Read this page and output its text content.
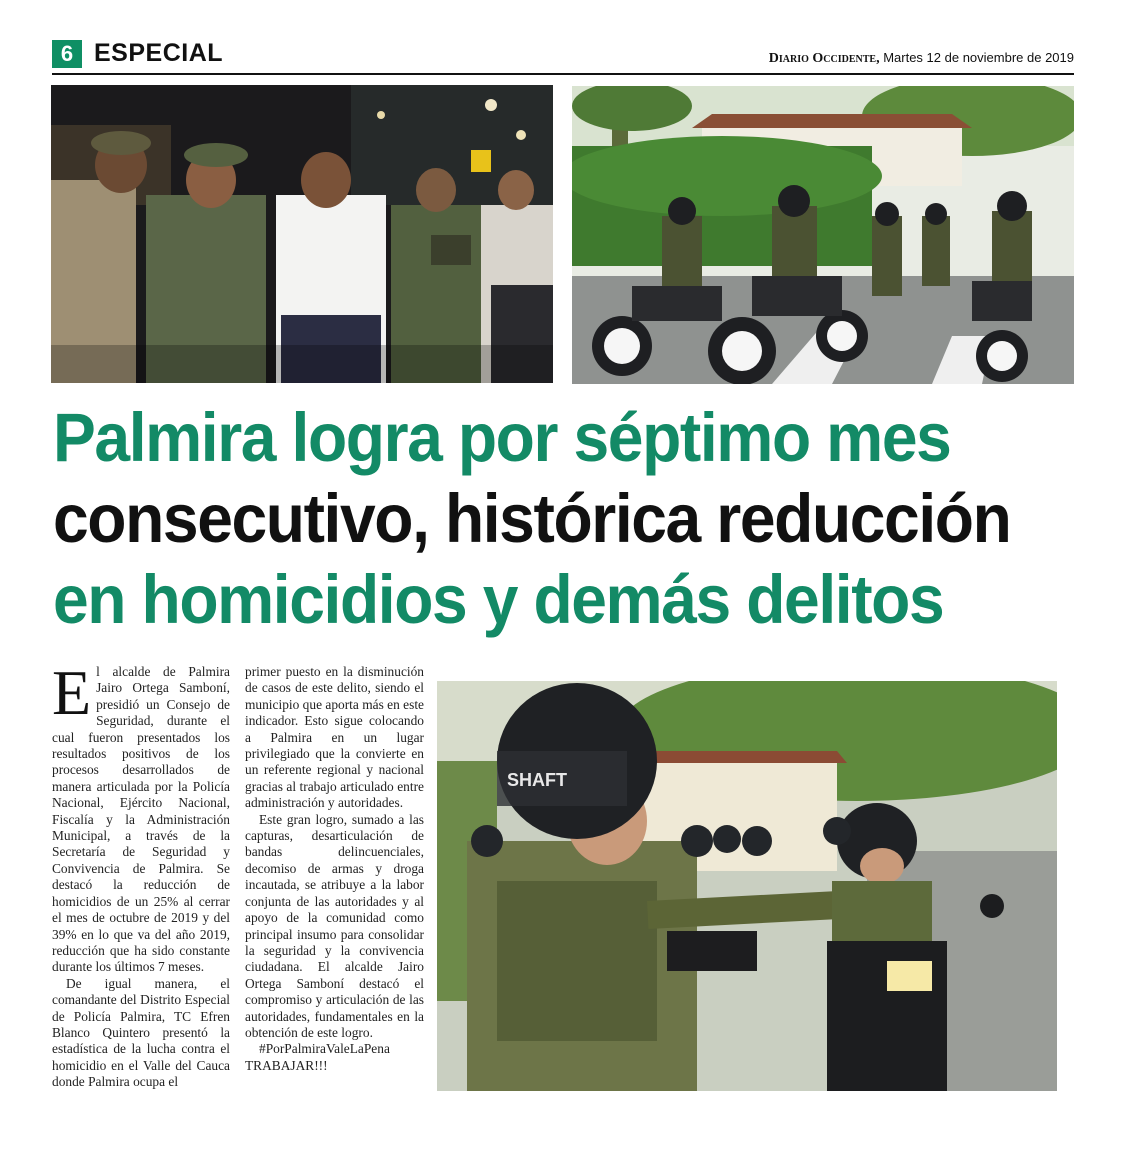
6 ESPECIAL	Diario Occidente, Martes 12 de noviembre de 2019
Palmira logra por séptimo mes
consecutivo, histórica reducción
en homicidios y demás delitos

El alcalde de Palmira Jairo Ortega Samboní, presidió un Consejo de Seguridad, durante el cual fueron presentados los resultados positivos de los procesos desarrollados de manera articulada por la Policía Nacional, Ejército Nacional, Fiscalía y la Administración Municipal, a través de la Secretaría de Seguridad y Convivencia de Palmira. Se destacó la reducción de homicidios de un 25% al cerrar el mes de octubre de 2019 y del 39% en lo que va del año 2019, reducción que ha sido constante durante los últimos 7 meses.

De igual manera, el comandante del Distrito Especial de Policía Palmira, TC Efren Blanco Quintero presentó la estadística de la lucha contra el homicidio en el Valle del Cauca donde Palmira ocupa el

primer puesto en la disminución de casos de este delito, siendo el municipio que aporta más en este indicador. Esto sigue colocando a Palmira en un lugar privilegiado que la convierte en un referente regional y nacional gracias al trabajo articulado entre administración y autoridades.

Este gran logro, sumado a las capturas, desarticulación de bandas delincuenciales, decomiso de armas y droga incautada, se atribuye a la labor conjunta de las autoridades y al apoyo de la comunidad como principal insumo para consolidar la seguridad y la convivencia ciudadana. El alcalde Jairo Ortega Samboní destacó el compromiso y articulación de las autoridades, fundamentales en la obtención de este logro.

#PorPalmiraValeLaPena

TRABAJAR!!!

SHAFT
